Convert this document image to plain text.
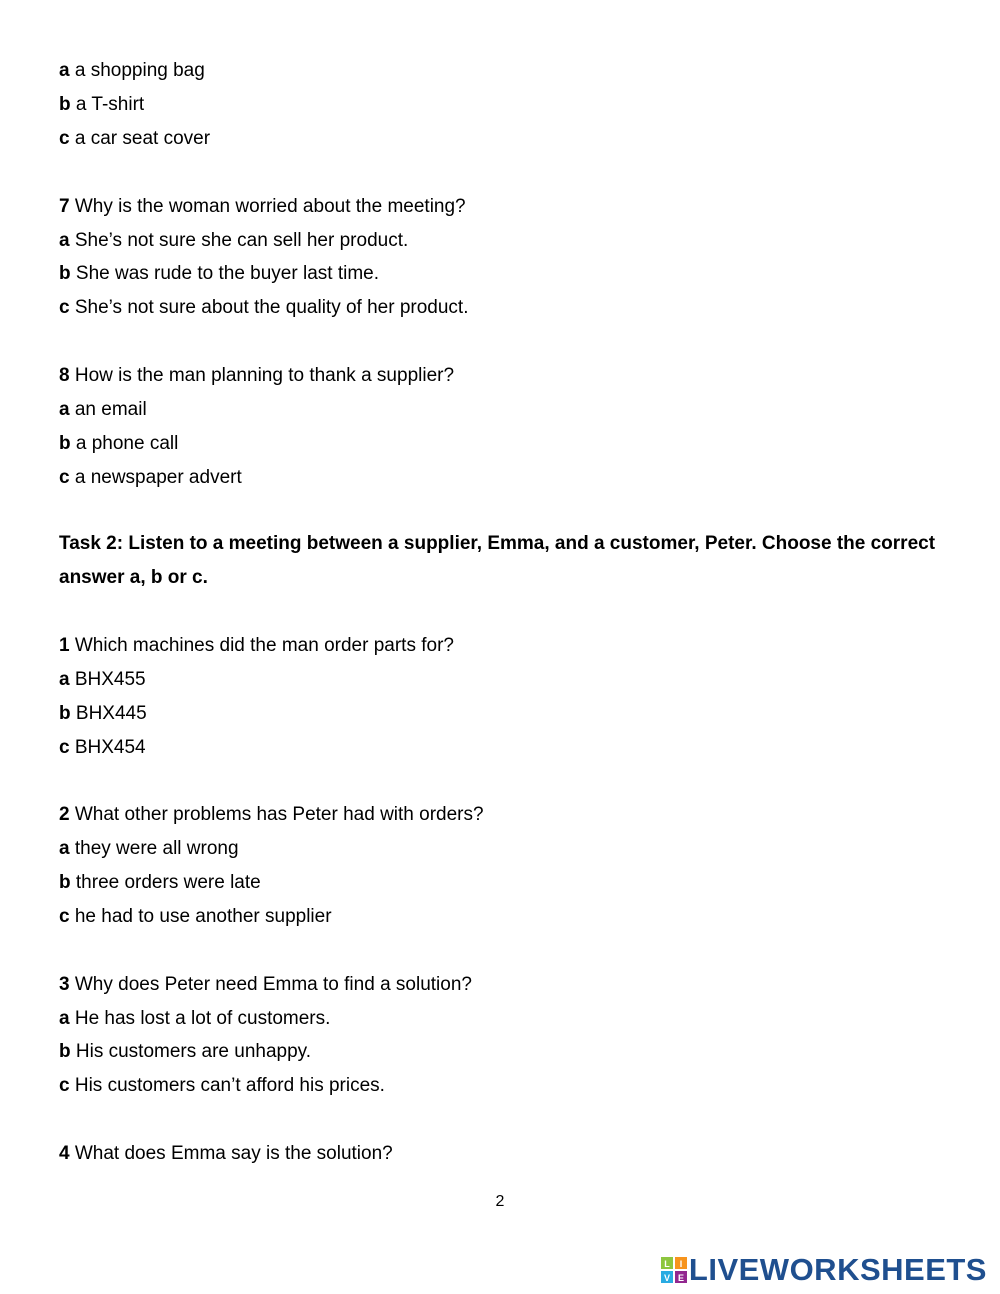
a a shopping bag
b a T-shirt
c a car seat cover
7 Why is the woman worried about the meeting?
a She’s not sure she can sell her product.
b She was rude to the buyer last time.
c She’s not sure about the quality of her product.
8 How is the man planning to thank a supplier?
a an email
b a phone call
c a newspaper advert
Task 2: Listen to a meeting between a supplier, Emma, and a customer, Peter. Choose the correct answer a, b or c.
1 Which machines did the man order parts for?
a BHX455
b BHX445
c BHX454
2 What other problems has Peter had with orders?
a they were all wrong
b three orders were late
c he had to use another supplier
3 Why does Peter need Emma to find a solution?
a He has lost a lot of customers.
b His customers are unhappy.
c His customers can’t afford his prices.
4 What does Emma say is the solution?
2
L I
V E LIVEWORKSHEETS
